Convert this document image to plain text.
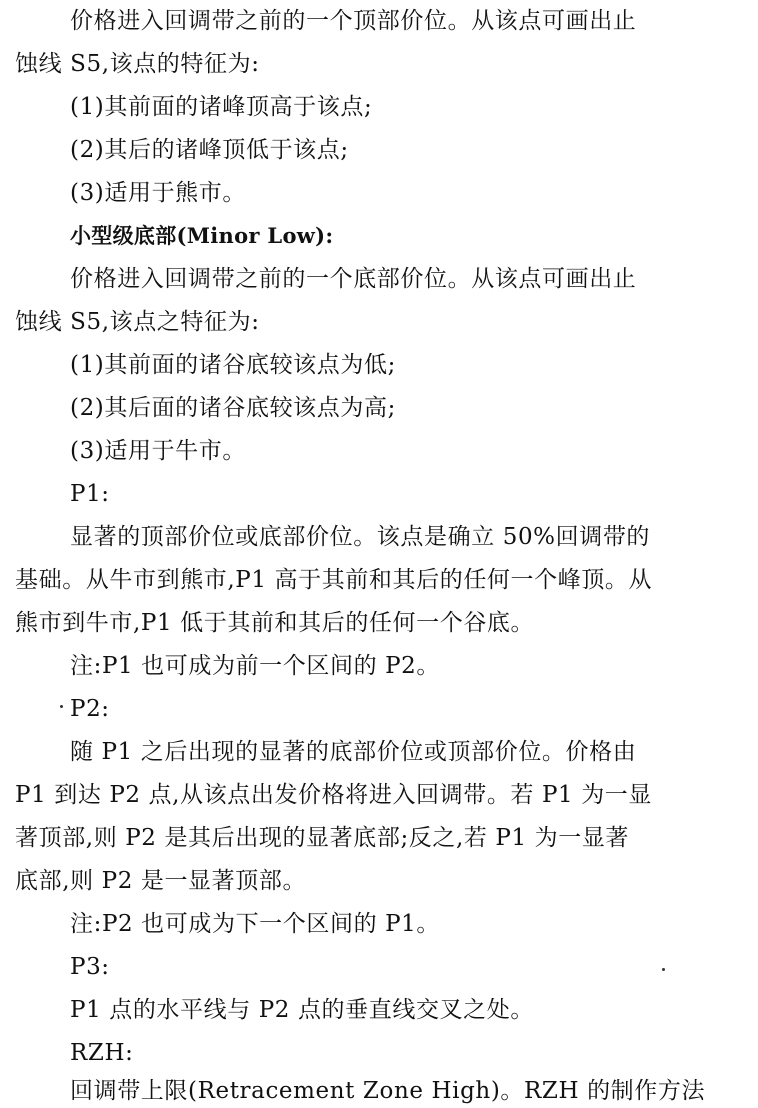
价格进入回调带之前的一个顶部价位。从该点可画出止
蚀线 S5,该点的特征为:
(1)其前面的诸峰顶高于该点;
(2)其后的诸峰顶低于该点;
(3)适用于熊市。
小型级底部(Minor Low):
价格进入回调带之前的一个底部价位。从该点可画出止
蚀线 S5,该点之特征为:
(1)其前面的诸谷底较该点为低;
(2)其后面的诸谷底较该点为高;
(3)适用于牛市。
P1:
显著的顶部价位或底部价位。该点是确立 50%回调带的
基础。从牛市到熊市,P1 高于其前和其后的任何一个峰顶。从
熊市到牛市,P1 低于其前和其后的任何一个谷底。
注:P1 也可成为前一个区间的 P2。
P2:
随 P1 之后出现的显著的底部价位或顶部价位。价格由
P1 到达 P2 点,从该点出发价格将进入回调带。若 P1 为一显
著顶部,则 P2 是其后出现的显著底部;反之,若 P1 为一显著
底部,则 P2 是一显著顶部。
注:P2 也可成为下一个区间的 P1。
P3:
P1 点的水平线与 P2 点的垂直线交叉之处。
RZH:
回调带上限(Retracement Zone High)。RZH 的制作方法
